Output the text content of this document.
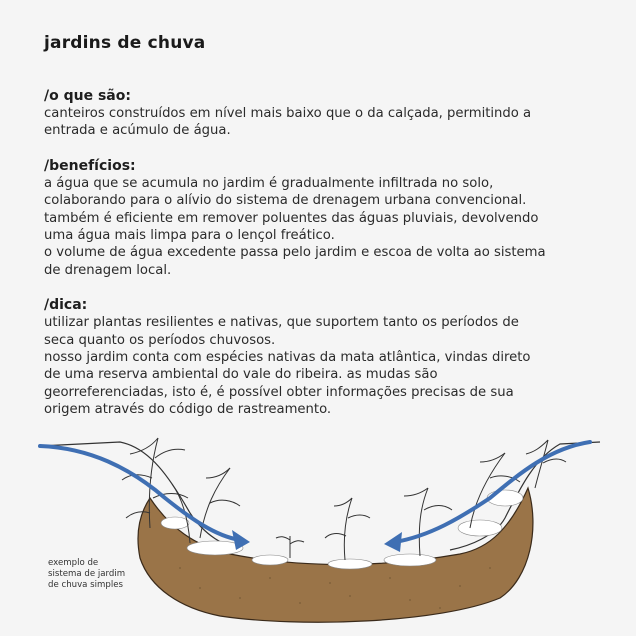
jardins de chuva
/o que são:
canteiros construídos em nível mais baixo que o da calçada, permitindo a
entrada e acúmulo de água.
/benefícios:
a água que se acumula no jardim é gradualmente infiltrada no solo,
colaborando para o alívio do sistema de drenagem urbana convencional.
também é eficiente em remover poluentes das águas pluviais, devolvendo
uma água mais limpa para o lençol freático.
o volume de água excedente passa pelo jardim e escoa de volta ao sistema
de drenagem local.
/dica:
utilizar plantas resilientes e nativas, que suportem tanto os períodos de
seca quanto os períodos chuvosos.
nosso jardim conta com espécies nativas da mata atlântica, vindas direto
de uma reserva ambiental do vale do ribeira. as mudas são
georreferenciadas, isto é, é possível obter informações precisas de sua
origem através do código de rastreamento.
exemplo de
sistema de jardim
de chuva simples
